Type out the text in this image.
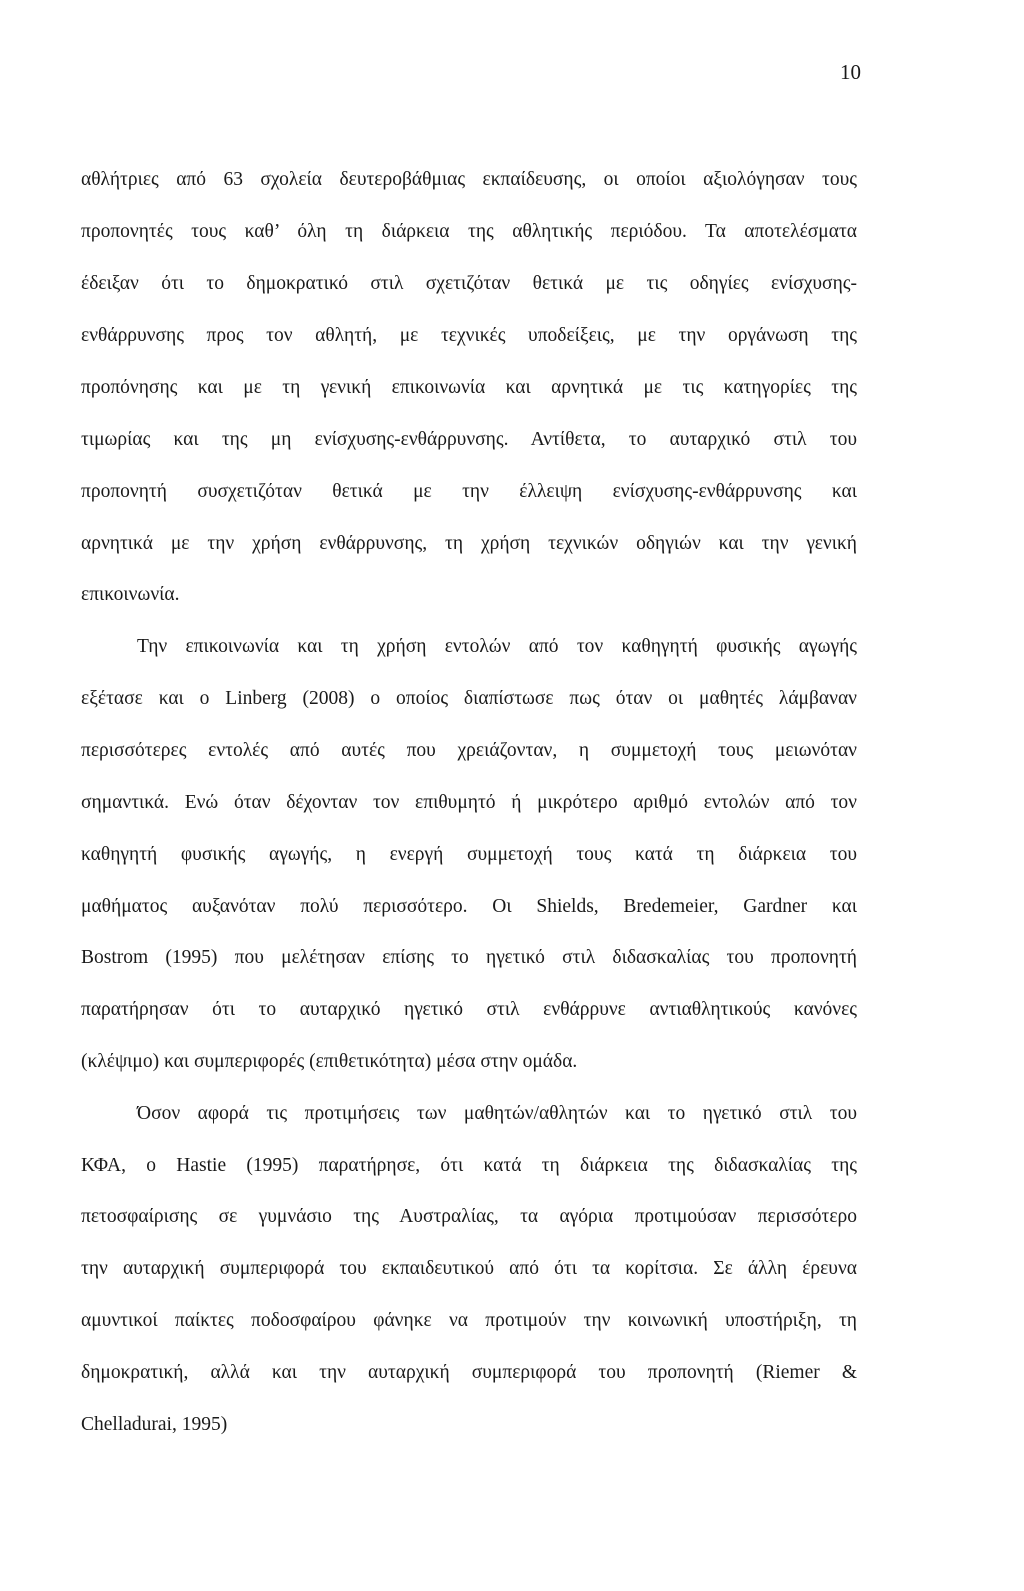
10
αθλήτριες από 63 σχολεία δευτεροβάθμιας εκπαίδευσης, οι οποίοι αξιολόγησαν τους
προπονητές τους καθ’ όλη τη διάρκεια της αθλητικής περιόδου. Τα αποτελέσματα
έδειξαν ότι το δημοκρατικό στιλ σχετιζόταν θετικά με τις οδηγίες ενίσχυσης-
ενθάρρυνσης προς τον αθλητή, με τεχνικές υποδείξεις, με την οργάνωση της
προπόνησης και με τη γενική επικοινωνία και αρνητικά με τις κατηγορίες της
τιμωρίας και της μη ενίσχυσης-ενθάρρυνσης. Αντίθετα, το αυταρχικό στιλ του
προπονητή συσχετιζόταν θετικά με την έλλειψη ενίσχυσης-ενθάρρυνσης και
αρνητικά με την χρήση ενθάρρυνσης, τη χρήση τεχνικών οδηγιών και την γενική
επικοινωνία.
Την επικοινωνία και τη χρήση εντολών από τον καθηγητή φυσικής αγωγής
εξέτασε και ο Linberg (2008) ο οποίος διαπίστωσε πως όταν οι μαθητές λάμβαναν
περισσότερες εντολές από αυτές που χρειάζονταν, η συμμετοχή τους μειωνόταν
σημαντικά. Ενώ όταν δέχονταν τον επιθυμητό ή μικρότερο αριθμό εντολών από τον
καθηγητή φυσικής αγωγής, η ενεργή συμμετοχή τους κατά τη διάρκεια του
μαθήματος αυξανόταν πολύ περισσότερο. Οι Shields, Bredemeier, Gardner και
Bostrom (1995) που μελέτησαν επίσης το ηγετικό στιλ διδασκαλίας του προπονητή
παρατήρησαν ότι το αυταρχικό ηγετικό στιλ ενθάρρυνε αντιαθλητικούς κανόνες
(κλέψιμο) και συμπεριφορές (επιθετικότητα) μέσα στην ομάδα.
Όσον αφορά τις προτιμήσεις των μαθητών/αθλητών και το ηγετικό στιλ του
ΚΦΑ, ο Hastie (1995) παρατήρησε, ότι κατά τη διάρκεια της διδασκαλίας της
πετοσφαίρισης σε γυμνάσιο της Αυστραλίας, τα αγόρια προτιμούσαν περισσότερο
την αυταρχική συμπεριφορά του εκπαιδευτικού από ότι τα κορίτσια. Σε άλλη έρευνα
αμυντικοί παίκτες ποδοσφαίρου φάνηκε να προτιμούν την κοινωνική υποστήριξη, τη
δημοκρατική, αλλά και την αυταρχική συμπεριφορά του προπονητή (Riemer &
Chelladurai, 1995)
